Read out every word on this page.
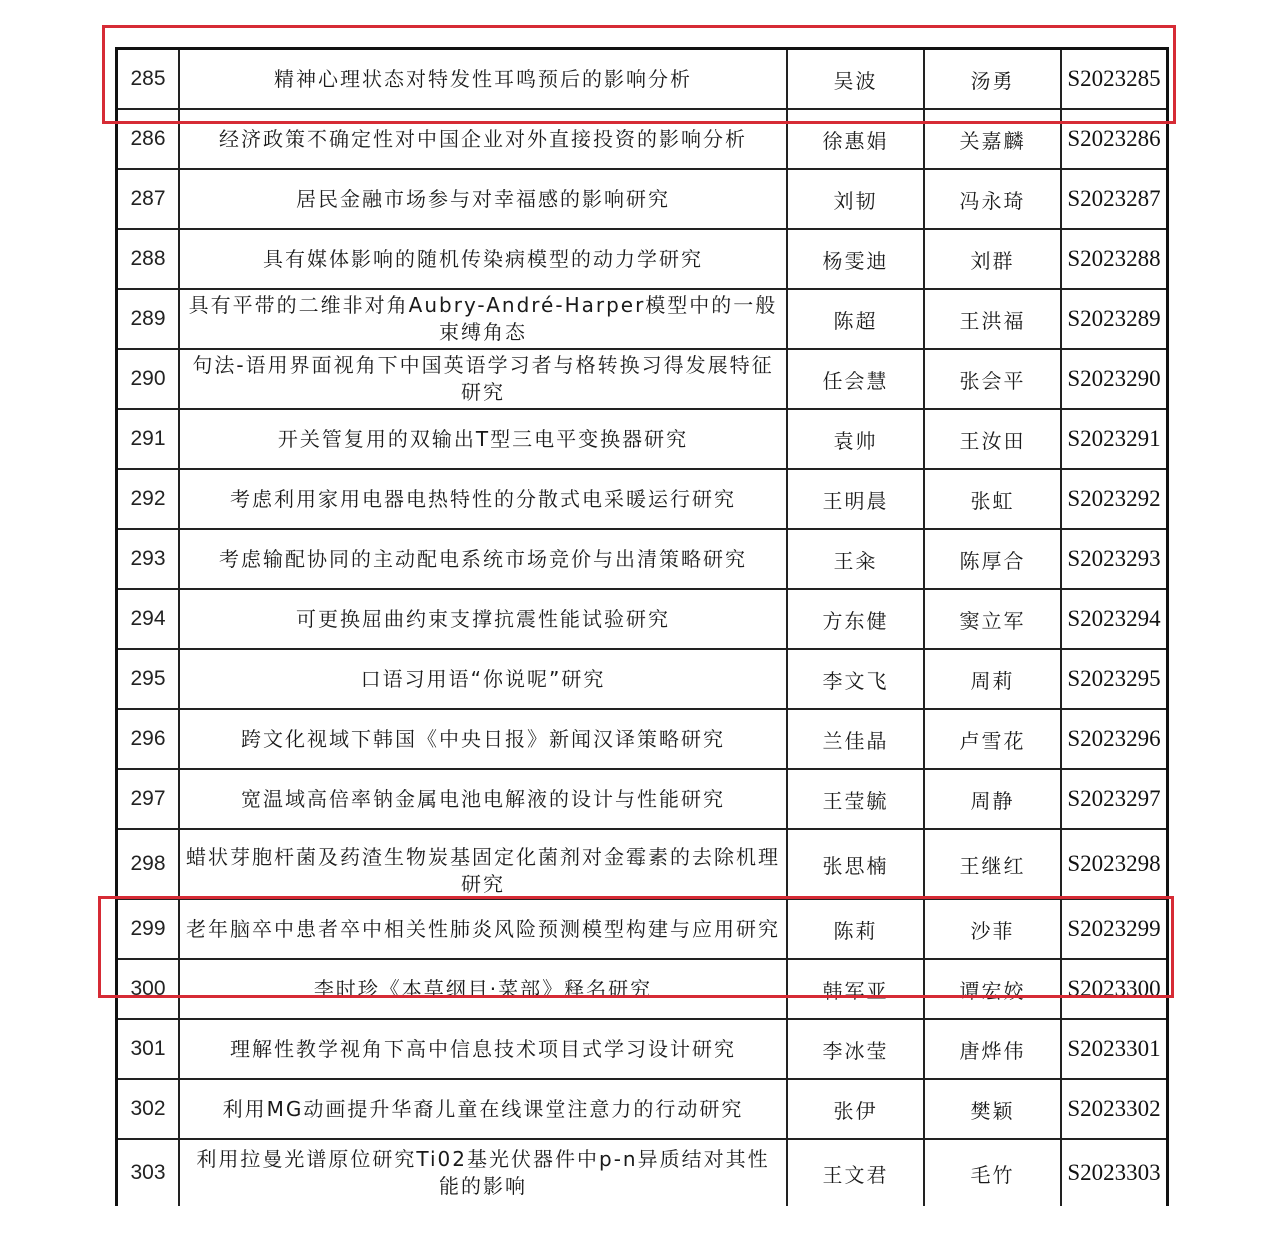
285	精神心理状态对特发性耳鸣预后的影响分析	吴波	汤勇	S2023285
286	经济政策不确定性对中国企业对外直接投资的影响分析	徐惠娟	关嘉麟	S2023286
287	居民金融市场参与对幸福感的影响研究	刘韧	冯永琦	S2023287
288	具有媒体影响的随机传染病模型的动力学研究	杨雯迪	刘群	S2023288
289	具有平带的二维非对角Aubry-André-Harper模型中的一般束缚角态	陈超	王洪福	S2023289
290	句法-语用界面视角下中国英语学习者与格转换习得发展特征研究	任会慧	张会平	S2023290
291	开关管复用的双输出T型三电平变换器研究	袁帅	王汝田	S2023291
292	考虑利用家用电器电热特性的分散式电采暖运行研究	王明晨	张虹	S2023292
293	考虑输配协同的主动配电系统市场竞价与出清策略研究	王籴	陈厚合	S2023293
294	可更换屈曲约束支撑抗震性能试验研究	方东健	窦立军	S2023294
295	口语习用语“你说呢”研究	李文飞	周莉	S2023295
296	跨文化视域下韩国《中央日报》新闻汉译策略研究	兰佳晶	卢雪花	S2023296
297	宽温域高倍率钠金属电池电解液的设计与性能研究	王莹毓	周静	S2023297
298	蜡状芽胞杆菌及药渣生物炭基固定化菌剂对金霉素的去除机理研究	张思楠	王继红	S2023298
299	老年脑卒中患者卒中相关性肺炎风险预测模型构建与应用研究	陈莉	沙菲	S2023299
300	李时珍《本草纲目·菜部》释名研究	韩军亚	谭宏姣	S2023300
301	理解性教学视角下高中信息技术项目式学习设计研究	李冰莹	唐烨伟	S2023301
302	利用MG动画提升华裔儿童在线课堂注意力的行动研究	张伊	樊颖	S2023302
303	利用拉曼光谱原位研究Ti02基光伏器件中p-n异质结对其性能的影响	王文君	毛竹	S2023303
